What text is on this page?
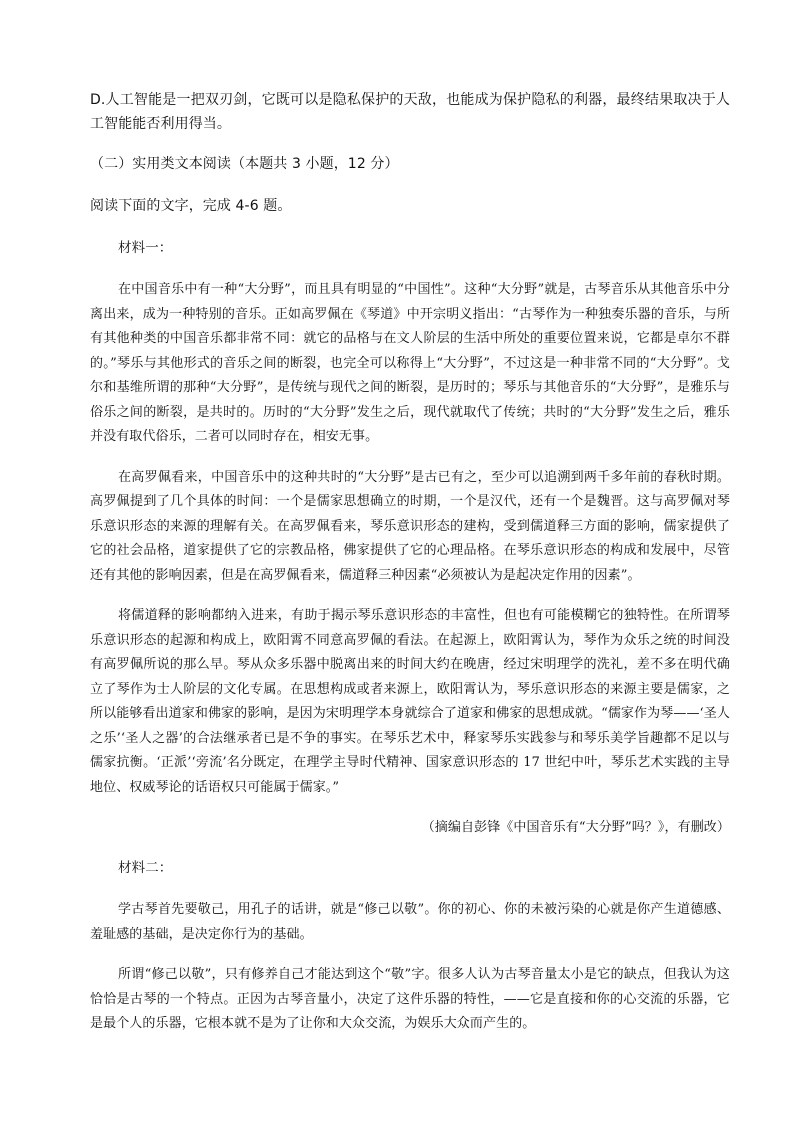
D.人工智能是一把双刃剑，它既可以是隐私保护的天敌，也能成为保护隐私的利器，最终结果取决于人工智能能否利用得当。

（二）实用类文本阅读（本题共 3 小题，12 分）

阅读下面的文字，完成 4-6 题。

材料一：

在中国音乐中有一种“大分野”，而且具有明显的“中国性”。这种“大分野”就是，古琴音乐从其他音乐中分离出来，成为一种特别的音乐。正如高罗佩在《琴道》中开宗明义指出：“古琴作为一种独奏乐器的音乐，与所有其他种类的中国音乐都非常不同：就它的品格与在文人阶层的生活中所处的重要位置来说，它都是卓尔不群的。”琴乐与其他形式的音乐之间的断裂，也完全可以称得上“大分野”，不过这是一种非常不同的“大分野”。戈尔和基维所谓的那种“大分野”，是传统与现代之间的断裂，是历时的；琴乐与其他音乐的“大分野”，是雅乐与俗乐之间的断裂，是共时的。历时的“大分野”发生之后，现代就取代了传统；共时的“大分野”发生之后，雅乐并没有取代俗乐，二者可以同时存在，相安无事。

在高罗佩看来，中国音乐中的这种共时的“大分野”是古已有之，至少可以追溯到两千多年前的春秋时期。高罗佩提到了几个具体的时间：一个是儒家思想确立的时期，一个是汉代，还有一个是魏晋。这与高罗佩对琴乐意识形态的来源的理解有关。在高罗佩看来，琴乐意识形态的建构，受到儒道释三方面的影响，儒家提供了它的社会品格，道家提供了它的宗教品格，佛家提供了它的心理品格。在琴乐意识形态的构成和发展中，尽管还有其他的影响因素，但是在高罗佩看来，儒道释三种因素“必须被认为是起决定作用的因素”。

将儒道释的影响都纳入进来，有助于揭示琴乐意识形态的丰富性，但也有可能模糊它的独特性。在所谓琴乐意识形态的起源和构成上，欧阳霄不同意高罗佩的看法。在起源上，欧阳霄认为，琴作为众乐之统的时间没有高罗佩所说的那么早。琴从众多乐器中脱离出来的时间大约在晚唐，经过宋明理学的洗礼，差不多在明代确立了琴作为士人阶层的文化专属。在思想构成或者来源上，欧阳霄认为，琴乐意识形态的来源主要是儒家，之所以能够看出道家和佛家的影响，是因为宋明理学本身就综合了道家和佛家的思想成就。“儒家作为琴——‘圣人之乐’‘圣人之器’的合法继承者已是不争的事实。在琴乐艺术中，释家琴乐实践参与和琴乐美学旨趣都不足以与儒家抗衡。‘正派’‘旁流’名分既定，在理学主导时代精神、国家意识形态的 17 世纪中叶，琴乐艺术实践的主导地位、权威琴论的话语权只可能属于儒家。”

（摘编自彭锋《中国音乐有“大分野”吗？》，有删改）

材料二：

学古琴首先要敬己，用孔子的话讲，就是“修己以敬”。你的初心、你的未被污染的心就是你产生道德感、羞耻感的基础，是决定你行为的基础。

所谓“修己以敬”，只有修养自己才能达到这个“敬”字。很多人认为古琴音量太小是它的缺点，但我认为这恰恰是古琴的一个特点。正因为古琴音量小，决定了这件乐器的特性，——它是直接和你的心交流的乐器，它是最个人的乐器，它根本就不是为了让你和大众交流，为娱乐大众而产生的。
